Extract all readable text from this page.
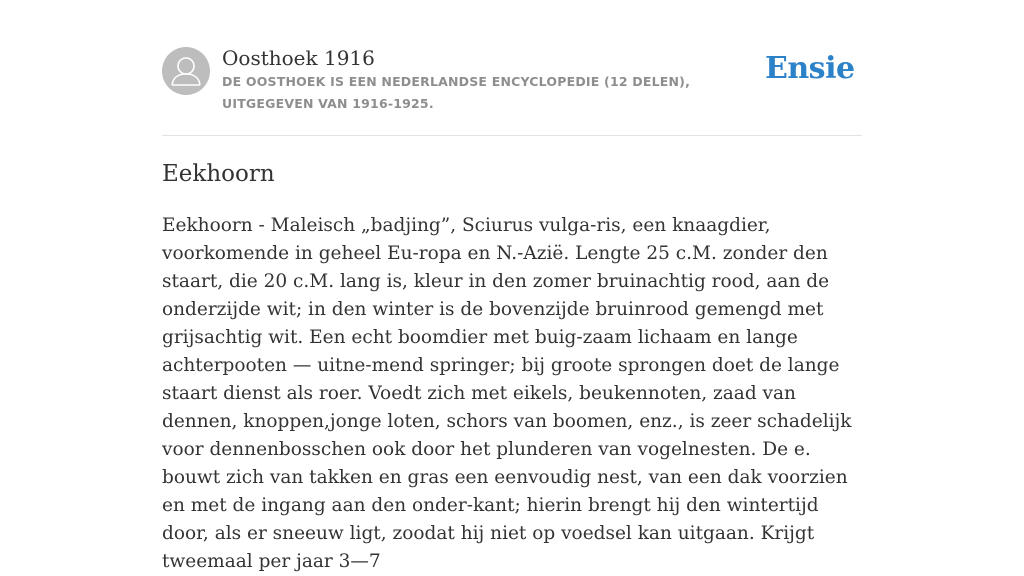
Oosthoek 1916
DE OOSTHOEK IS EEN NEDERLANDSE ENCYCLOPEDIE (12 DELEN), UITGEGEVEN VAN 1916-1925.
Ensie
Eekhoorn

Eekhoorn - Maleisch „badjing”, Sciurus vulga-ris, een knaagdier, voorkomende in geheel Eu-ropa en N.-Azië. Lengte 25 c.M. zonder den staart, die 20 c.M. lang is, kleur in den zomer bruinachtig rood, aan de onderzijde wit; in den winter is de bovenzijde bruinrood gemengd met grijsachtig wit. Een echt boomdier met buig-zaam lichaam en lange achterpooten — uitne-mend springer; bij groote sprongen doet de lange staart dienst als roer. Voedt zich met eikels, beukennoten, zaad van dennen, knoppen,jonge loten, schors van boomen, enz., is zeer schadelijk voor dennenbosschen ook door het plunderen van vogelnesten. De e. bouwt zich van takken en gras een eenvoudig nest, van een dak voorzien en met de ingang aan den onder-kant; hierin brengt hij den wintertijd door, als er sneeuw ligt, zoodat hij niet op voedsel kan uitgaan. Krijgt tweemaal per jaar 3—7
